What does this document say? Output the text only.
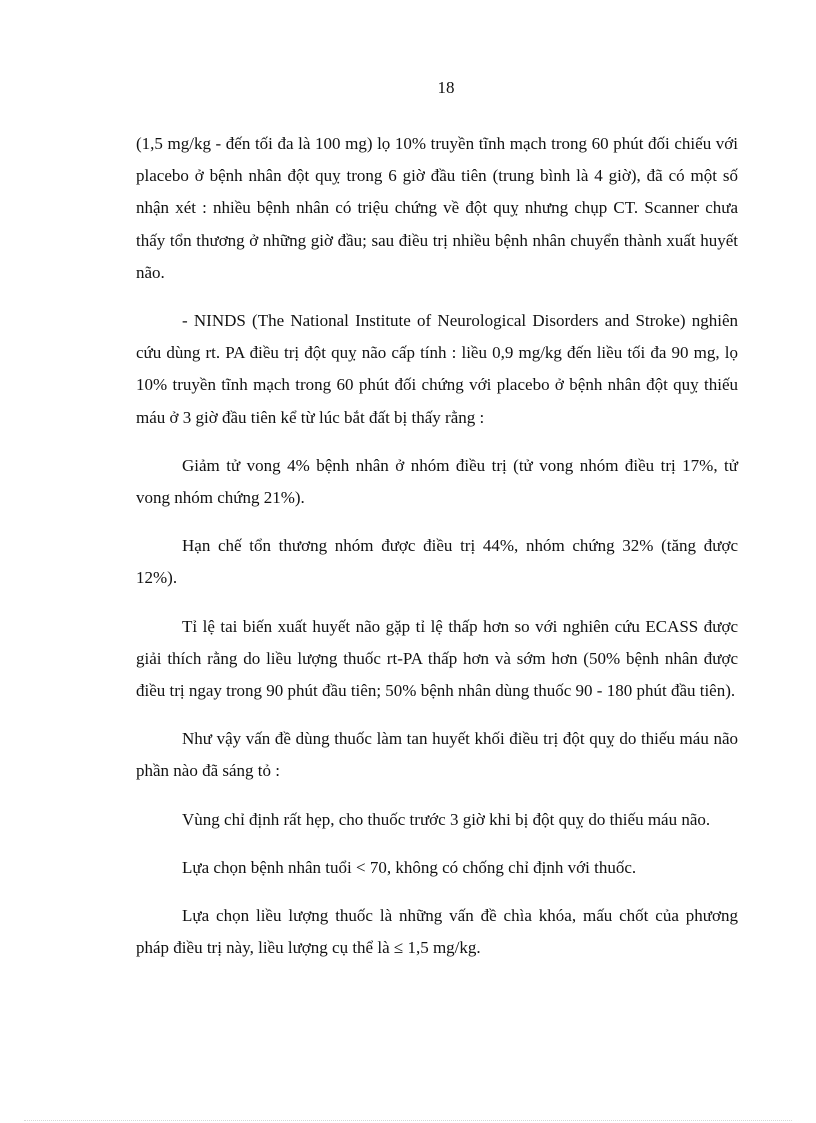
18

(1,5 mg/kg - đến tối đa là 100 mg) lọ 10% truyền tĩnh mạch trong 60 phút đối chiếu với placebo ở bệnh nhân đột quỵ trong 6 giờ đầu tiên (trung bình là 4 giờ), đã có một số nhận xét : nhiều bệnh nhân có triệu chứng về đột quỵ nhưng chụp CT. Scanner chưa thấy tổn thương ở những giờ đầu; sau điều trị nhiều bệnh nhân chuyển thành xuất huyết não.

- NINDS (The National Institute of Neurological Disorders and Stroke) nghiên cứu dùng rt. PA điều trị đột quỵ não cấp tính : liều 0,9 mg/kg đến liều tối đa 90 mg, lọ 10% truyền tĩnh mạch trong 60 phút đối chứng với placebo ở bệnh nhân đột quỵ thiếu máu ở 3 giờ đầu tiên kể từ lúc bắt đất bị thấy rằng :

Giảm tử vong 4% bệnh nhân ở nhóm điều trị (tử vong nhóm điều trị 17%, tử vong nhóm chứng 21%).

Hạn chế tổn thương nhóm được điều trị 44%, nhóm chứng 32% (tăng được 12%).

Tỉ lệ tai biến xuất huyết não gặp tỉ lệ thấp hơn so với nghiên cứu ECASS được giải thích rằng do liều lượng thuốc rt-PA thấp hơn và sớm hơn (50% bệnh nhân được điều trị ngay trong 90 phút đầu tiên; 50% bệnh nhân dùng thuốc 90 - 180 phút đầu tiên).

Như vậy vấn đề dùng thuốc làm tan huyết khối điều trị đột quỵ do thiếu máu não phần nào đã sáng tỏ :

Vùng chỉ định rất hẹp, cho thuốc trước 3 giờ khi bị đột quỵ do thiếu máu não.

Lựa chọn bệnh nhân tuổi < 70, không có chống chỉ định với thuốc.

Lựa chọn liều lượng thuốc là những vấn đề chìa khóa, mấu chốt của phương pháp điều trị này, liều lượng cụ thể là ≤ 1,5 mg/kg.
